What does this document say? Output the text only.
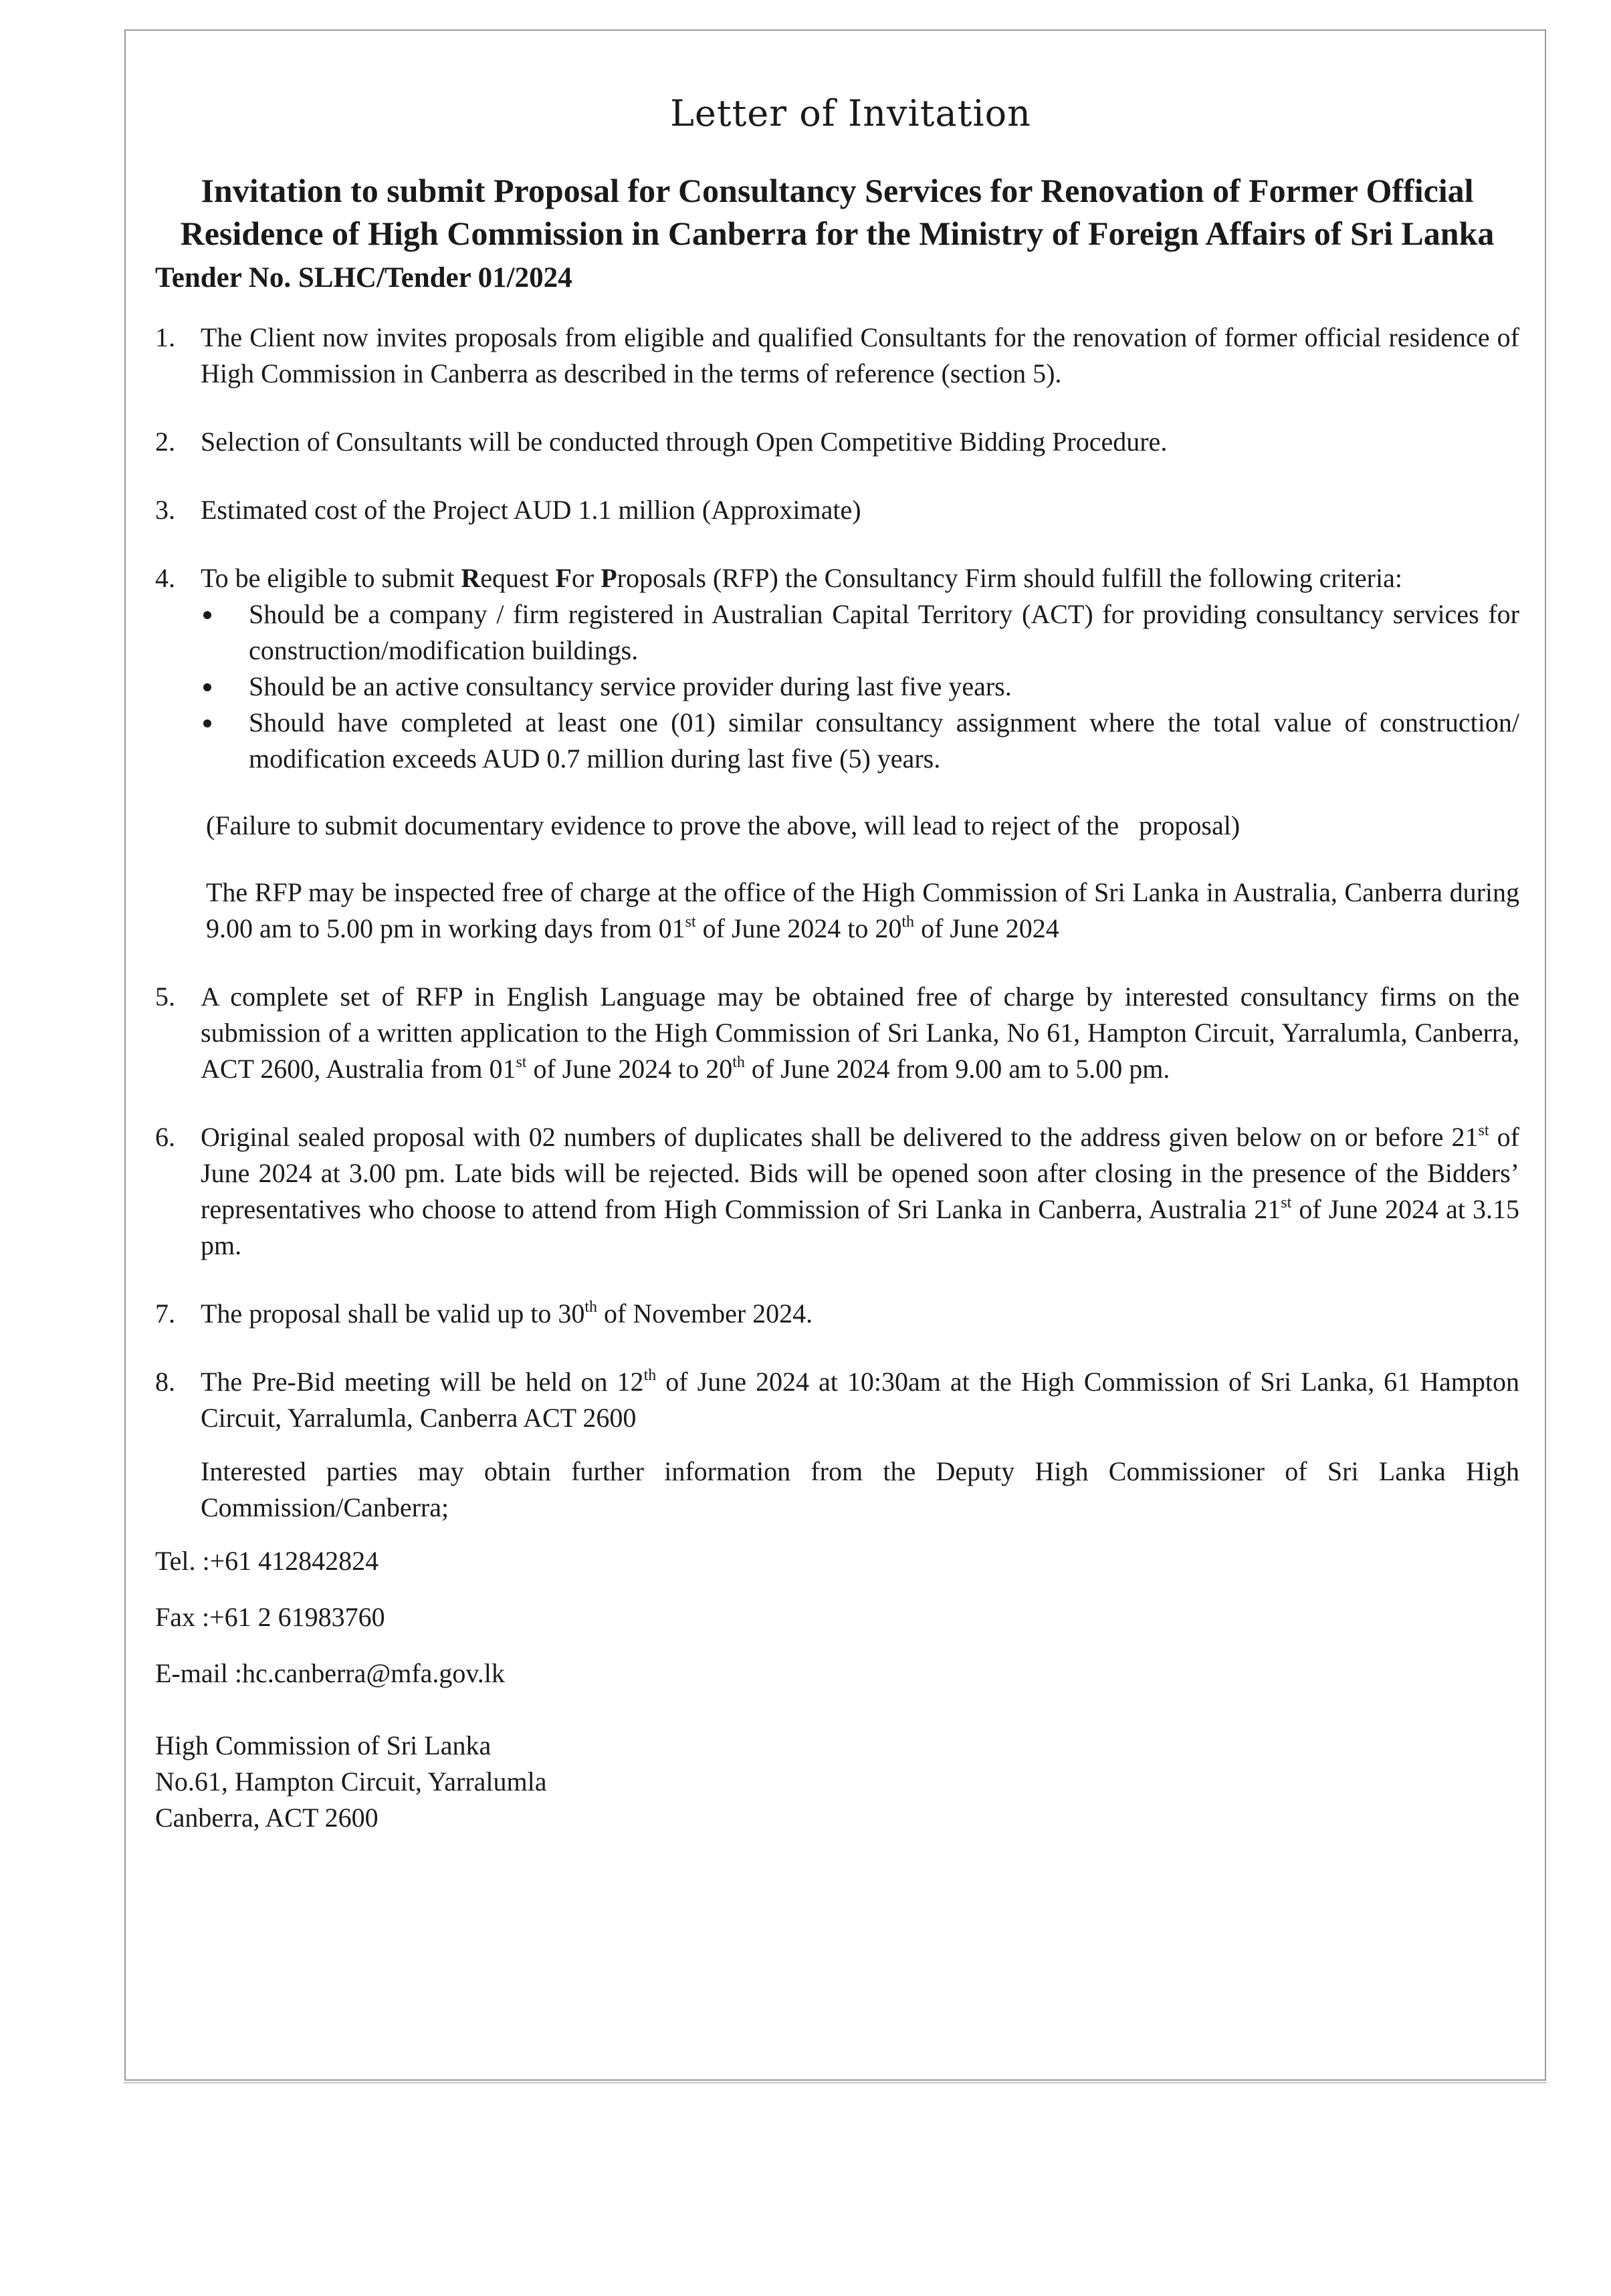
Letter of Invitation
Invitation to submit Proposal for Consultancy Services for Renovation of Former Official Residence of High Commission in Canberra for the Ministry of Foreign Affairs of Sri Lanka
Tender No. SLHC/Tender 01/2024
1. The Client now invites proposals from eligible and qualified Consultants for the renovation of former official residence of High Commission in Canberra as described in the terms of reference (section 5).

2. Selection of Consultants will be conducted through Open Competitive Bidding Procedure.

3. Estimated cost of the Project AUD 1.1 million (Approximate)

4. To be eligible to submit Request For Proposals (RFP) the Consultancy Firm should fulfill the following criteria:

Should be a company / firm registered in Australian Capital Territory (ACT) for providing consultancy services for construction/modification buildings.
Should be an active consultancy service provider during last five years.
Should have completed at least one (01) similar consultancy assignment where the total value of construction/ modification exceeds AUD 0.7 million during last five (5) years.

(Failure to submit documentary evidence to prove the above, will lead to reject of the   proposal)

The RFP may be inspected free of charge at the office of the High Commission of Sri Lanka in Australia, Canberra during 9.00 am to 5.00 pm in working days from 01st of June 2024 to 20th of June 2024

5. A complete set of RFP in English Language may be obtained free of charge by interested consultancy firms on the submission of a written application to the High Commission of Sri Lanka, No 61, Hampton Circuit, Yarralumla, Canberra, ACT 2600, Australia from 01st of June 2024 to 20th of June 2024 from 9.00 am to 5.00 pm.

6. Original sealed proposal with 02 numbers of duplicates shall be delivered to the address given below on or before 21st of June 2024 at 3.00 pm. Late bids will be rejected. Bids will be opened soon after closing in the presence of the Bidders’ representatives who choose to attend from High Commission of Sri Lanka in Canberra, Australia 21st of June 2024 at 3.15 pm.

7. The proposal shall be valid up to 30th of November 2024.

8. The Pre-Bid meeting will be held on 12th of June 2024 at 10:30am at the High Commission of Sri Lanka, 61 Hampton Circuit, Yarralumla, Canberra ACT 2600

Interested parties may obtain further information from the Deputy High Commissioner of Sri Lanka High Commission/Canberra;

Tel. :+61 412842824
Fax :+61 2 61983760
E-mail :hc.canberra@mfa.gov.lk
High Commission of Sri Lanka
No.61, Hampton Circuit, Yarralumla
Canberra, ACT 2600
